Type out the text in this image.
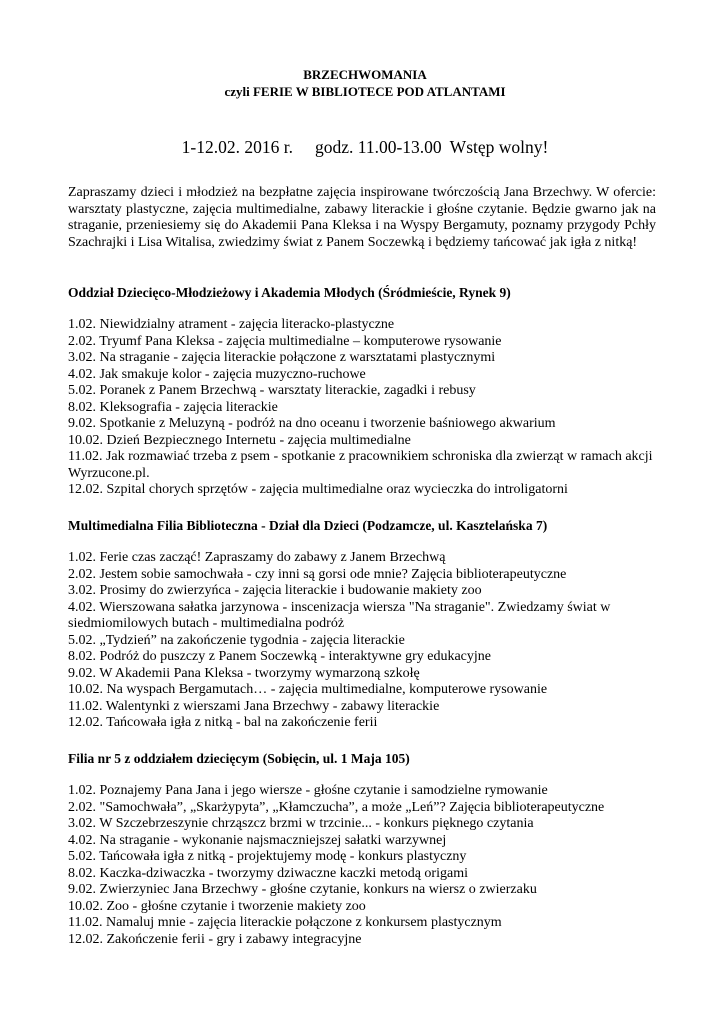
BRZECHWOMANIA
czyli FERIE W BIBLIOTECE POD ATLANTAMI
1-12.02. 2016 r. godz. 11.00-13.00 Wstęp wolny!

Zapraszamy dzieci i młodzież na bezpłatne zajęcia inspirowane twórczością Jana Brzechwy. W ofercie: warsztaty plastyczne, zajęcia multimedialne, zabawy literackie i głośne czytanie. Będzie gwarno jak na straganie, przeniesiemy się do Akademii Pana Kleksa i na Wyspy Bergamuty, poznamy przygody Pchły Szachrajki i Lisa Witalisa, zwiedzimy świat z Panem Soczewką i będziemy tańcować jak igła z nitką!

Oddział Dziecięco-Młodzieżowy i Akademia Młodych (Śródmieście, Rynek 9)

1.02. Niewidzialny atrament - zajęcia literacko-plastyczne
2.02. Tryumf Pana Kleksa - zajęcia multimedialne – komputerowe rysowanie
3.02. Na straganie - zajęcia literackie połączone z warsztatami plastycznymi
4.02. Jak smakuje kolor - zajęcia muzyczno-ruchowe
5.02. Poranek z Panem Brzechwą - warsztaty literackie, zagadki i rebusy
8.02. Kleksografia - zajęcia literackie
9.02. Spotkanie z Meluzyną - podróż na dno oceanu i tworzenie baśniowego akwarium
10.02. Dzień Bezpiecznego Internetu - zajęcia multimedialne
11.02. Jak rozmawiać trzeba z psem - spotkanie z pracownikiem schroniska dla zwierząt w ramach akcji Wyrzucone.pl.
12.02. Szpital chorych sprzętów - zajęcia multimedialne oraz wycieczka do introligatorni

Multimedialna Filia Biblioteczna - Dział dla Dzieci (Podzamcze, ul. Kasztelańska 7)

1.02. Ferie czas zacząć! Zapraszamy do zabawy z Janem Brzechwą
2.02. Jestem sobie samochwała - czy inni są gorsi ode mnie? Zajęcia biblioterapeutyczne
3.02. Prosimy do zwierzyńca - zajęcia literackie i budowanie makiety zoo
4.02. Wierszowana sałatka jarzynowa - inscenizacja wiersza "Na straganie". Zwiedzamy świat w siedmiomilowych butach - multimedialna podróż
5.02. „Tydzień” na zakończenie tygodnia - zajęcia literackie
8.02. Podróż do puszczy z Panem Soczewką - interaktywne gry edukacyjne
9.02. W Akademii Pana Kleksa - tworzymy wymarzoną szkołę
10.02. Na wyspach Bergamutach… - zajęcia multimedialne, komputerowe rysowanie
11.02. Walentynki z wierszami Jana Brzechwy - zabawy literackie
12.02. Tańcowała igła z nitką - bal na zakończenie ferii

Filia nr 5 z oddziałem dziecięcym (Sobięcin, ul. 1 Maja 105)

1.02. Poznajemy Pana Jana i jego wiersze - głośne czytanie i samodzielne rymowanie
2.02. "Samochwała”, „Skarżypyta”, „Kłamczucha”, a może „Leń”? Zajęcia biblioterapeutyczne
3.02. W Szczebrzeszynie chrząszcz brzmi w trzcinie... - konkurs pięknego czytania
4.02. Na straganie - wykonanie najsmaczniejszej sałatki warzywnej
5.02. Tańcowała igła z nitką - projektujemy modę - konkurs plastyczny
8.02. Kaczka-dziwaczka - tworzymy dziwaczne kaczki metodą origami
9.02. Zwierzyniec Jana Brzechwy - głośne czytanie, konkurs na wiersz o zwierzaku
10.02. Zoo - głośne czytanie i tworzenie makiety zoo
11.02. Namaluj mnie - zajęcia literackie połączone z konkursem plastycznym
12.02. Zakończenie ferii - gry i zabawy integracyjne
